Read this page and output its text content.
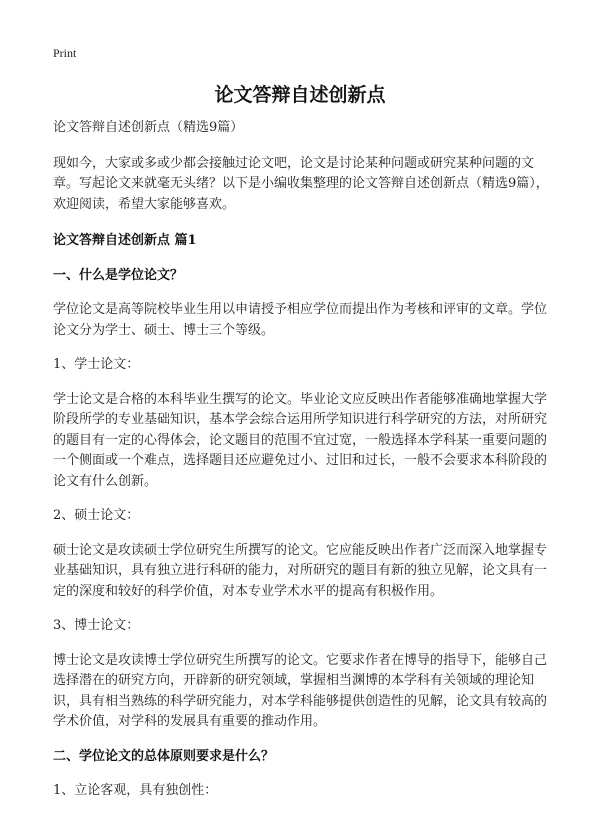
Print
论文答辩自述创新点

论文答辩自述创新点（精选9篇）

现如今，大家或多或少都会接触过论文吧，论文是讨论某种问题或研究某种问题的文章。写起论文来就毫无头绪？以下是小编收集整理的论文答辩自述创新点（精选9篇），欢迎阅读，希望大家能够喜欢。

论文答辩自述创新点 篇1
一、什么是学位论文？

学位论文是高等院校毕业生用以申请授予相应学位而提出作为考核和评审的文章。学位论文分为学士、硕士、博士三个等级。

1、学士论文：

学士论文是合格的本科毕业生撰写的论文。毕业论文应反映出作者能够准确地掌握大学阶段所学的专业基础知识，基本学会综合运用所学知识进行科学研究的方法，对所研究的题目有一定的心得体会，论文题目的范围不宜过宽，一般选择本学科某一重要问题的一个侧面或一个难点，选择题目还应避免过小、过旧和过长，一般不会要求本科阶段的论文有什么创新。

2、硕士论文：

硕士论文是攻读硕士学位研究生所撰写的论文。它应能反映出作者广泛而深入地掌握专业基础知识，具有独立进行科研的能力，对所研究的题目有新的独立见解，论文具有一定的深度和较好的科学价值，对本专业学术水平的提高有积极作用。

3、博士论文：

博士论文是攻读博士学位研究生所撰写的论文。它要求作者在博导的指导下，能够自己选择潜在的研究方向，开辟新的研究领域，掌握相当渊博的本学科有关领域的理论知识，具有相当熟练的科学研究能力，对本学科能够提供创造性的见解，论文具有较高的学术价值，对学科的发展具有重要的推动作用。

二、学位论文的总体原则要求是什么？

1、立论客观，具有独创性：
